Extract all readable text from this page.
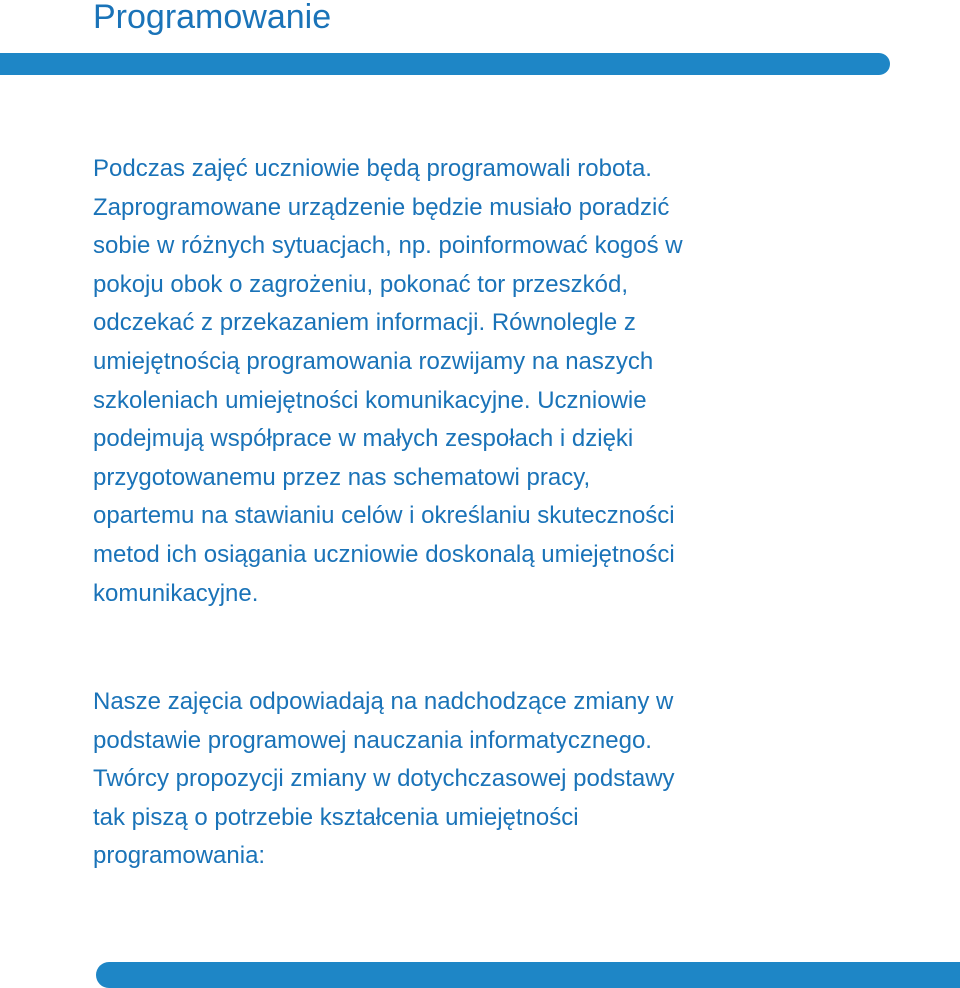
Programowanie

Podczas zajęć uczniowie będą programowali robota.
Zaprogramowane urządzenie będzie musiało poradzić
sobie w różnych sytuacjach, np. poinformować kogoś w
pokoju obok o zagrożeniu, pokonać tor przeszkód,
odczekać z przekazaniem informacji. Równolegle z
umiejętnością programowania rozwijamy na naszych
szkoleniach umiejętności komunikacyjne. Uczniowie
podejmują współprace w małych zespołach i dzięki
przygotowanemu przez nas schematowi pracy,
opartemu na stawianiu celów i określaniu skuteczności
metod ich osiągania uczniowie doskonalą umiejętności
komunikacyjne.

Nasze zajęcia odpowiadają na nadchodzące zmiany w
podstawie programowej nauczania informatycznego.
Twórcy propozycji zmiany w dotychczasowej podstawy
tak piszą o potrzebie kształcenia umiejętności
programowania:
